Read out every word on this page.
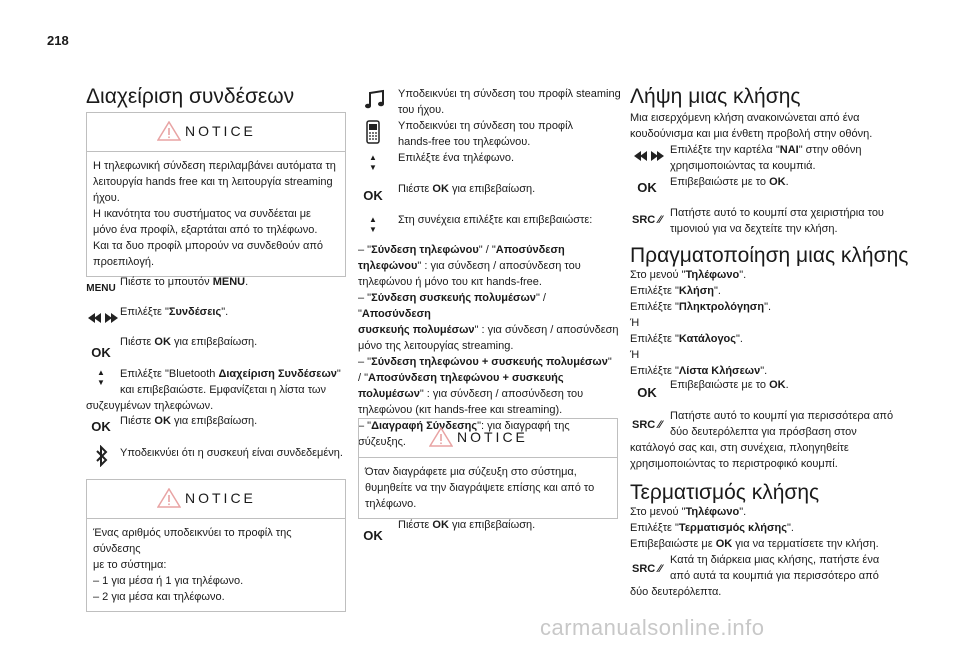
218
Διαχείριση συνδέσεων
NOTICE
Η τηλεφωνική σύνδεση περιλαμβάνει αυτόματα τη
λειτουργία hands free και τη λειτουργία streaming
ήχου.
Η ικανότητα του συστήματος να συνδέεται με
μόνο ένα προφίλ, εξαρτάται από το τηλέφωνο.
Και τα δυο προφίλ μπορούν να συνδεθούν από
προεπιλογή.
MENU
Πιέστε το μπουτόν MENU.
Επιλέξτε "Συνδέσεις".
OK
Πιέστε OK για επιβεβαίωση.
▲
▼
Επιλέξτε "Bluetooth Διαχείριση Συνδέσεων"
και επιβεβαιώστε. Εμφανίζεται η λίστα των
συζευγμένων τηλεφώνων.
OK Πιέστε OK για επιβεβαίωση.
Υποδεικνύει ότι η συσκευή είναι συνδεδεμένη.
NOTICE
Ένας αριθμός υποδεικνύει το προφίλ της σύνδεσης
με το σύστημα:
– 1 για μέσα ή 1 για τηλέφωνο.
– 2 για μέσα και τηλέφωνο.
Υποδεικνύει τη σύνδεση του προφίλ steaming
του ήχου.
Υποδεικνύει τη σύνδεση του προφίλ
hands-free του τηλεφώνου.
▲
▼
Επιλέξτε ένα τηλέφωνο.
OK	Πιέστε OK για επιβεβαίωση.
▲
▼
Στη συνέχεια επιλέξτε και επιβεβαιώστε:
– "Σύνδεση τηλεφώνου" / "Αποσύνδεση
τηλεφώνου" : για σύνδεση / αποσύνδεση του
τηλεφώνου ή μόνο του κιτ hands-free.
– "Σύνδεση συσκευής πολυμέσων" / "Αποσύνδεση
συσκευής πολυμέσων" : για σύνδεση / αποσύνδεση
μόνο της λειτουργίας streaming.
– "Σύνδεση τηλεφώνου + συσκευής πολυμέσων"
/ "Αποσύνδεση τηλεφώνου + συσκευής
πολυμέσων" : για σύνδεση / αποσύνδεση του
τηλεφώνου (κιτ hands-free και streaming).
– "Διαγραφή Σύνδεσης": για διαγραφή της σύζευξης.	NOTICE
Όταν διαγράφετε μια σύζευξη στο σύστημα,
θυμηθείτε να την διαγράψετε επίσης και από το
τηλέφωνο.
OK
Πιέστε OK για επιβεβαίωση.
Λήψη μιας κλήσης
Μια εισερχόμενη κλήση ανακοινώνεται από ένα
κουδούνισμα και μια ένθετη προβολή στην οθόνη.
Επιλέξτε την καρτέλα "NAI" στην οθόνη
χρησιμοποιώντας τα κουμπιά.
OK	Επιβεβαιώστε με το OK.
SRC ⁄⁄
Πατήστε αυτό το κουμπί στα χειριστήρια του
τιμονιού για να δεχτείτε την κλήση.
Πραγματοποίηση μιας κλήσης
Στο μενού "Τηλέφωνο".
Επιλέξτε "Κλήση".
Επιλέξτε "Πληκτρολόγηση".
Ή
Επιλέξτε "Κατάλογος".
Ή
Επιλέξτε "Λίστα Κλήσεων".
OK	Επιβεβαιώστε με το OK.
SRC ⁄⁄
Πατήστε αυτό το κουμπί για περισσότερα από
δύο δευτερόλεπτα για πρόσβαση στον
κατάλογό σας και, στη συνέχεια, πλοηγηθείτε
χρησιμοποιώντας το περιστροφικό κουμπί.
Τερματισμός κλήσης
Στο μενού "Τηλέφωνο".
Επιλέξτε "Τερματισμός κλήσης".
Επιβεβαιώστε με OK για να τερματίσετε την κλήση.
SRC ⁄⁄
Κατά τη διάρκεια μιας κλήσης, πατήστε ένα
από αυτά τα κουμπιά για περισσότερο από
δύο δευτερόλεπτα.
carmanualsonline.info
